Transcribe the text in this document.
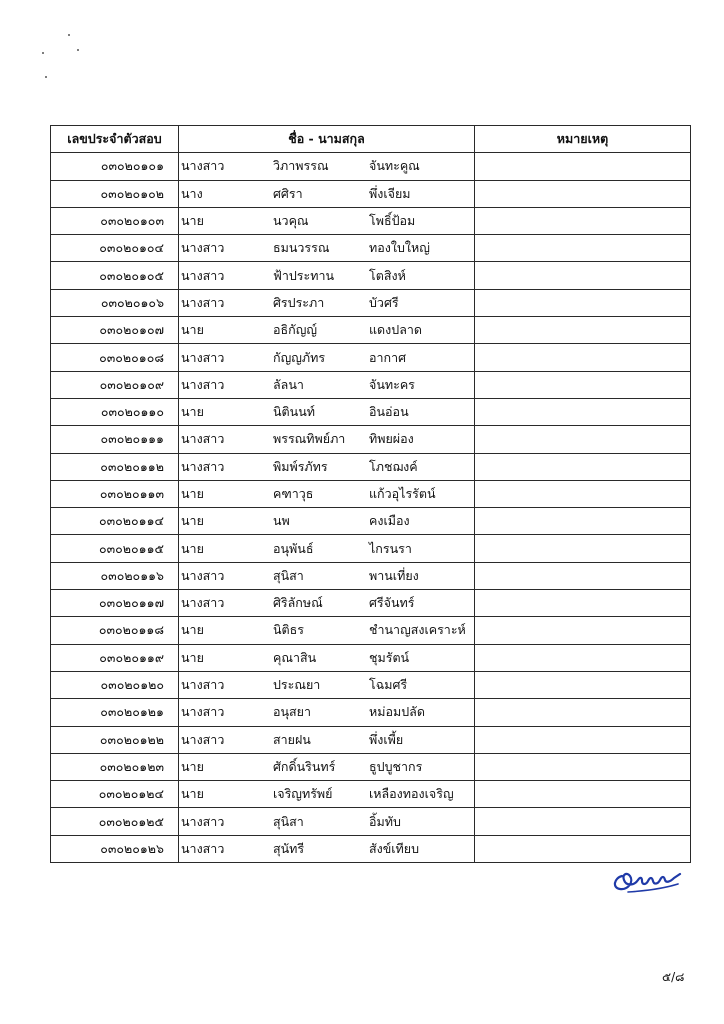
เลขประจำตัวสอบ	ชื่อ - นามสกุล	หมายเหตุ
๐๓๐๒๐๑๐๑	นางสาว วิภาพรรณ จันทะคูณ	

๐๓๐๒๐๑๐๒	นาง ศศิรา พึ่งเจียม	

๐๓๐๒๐๑๐๓	นาย นวคุณ โพธิ์ป้อม	

๐๓๐๒๐๑๐๔	นางสาว ธมนวรรณ ทองใบใหญ่	

๐๓๐๒๐๑๐๕	นางสาว ฟ้าประทาน โตสิงห์	

๐๓๐๒๐๑๐๖	นางสาว ศิรประภา บัวศรี	

๐๓๐๒๐๑๐๗	นาย อธิกัญญ์ แดงปลาด	

๐๓๐๒๐๑๐๘	นางสาว กัญญภัทร อากาศ	

๐๓๐๒๐๑๐๙	นางสาว ลัลนา จันทะคร	

๐๓๐๒๐๑๑๐	นาย นิตินนท์ อินอ่อน	

๐๓๐๒๐๑๑๑	นางสาว พรรณทิพย์ภา ทิพยผ่อง	

๐๓๐๒๐๑๑๒	นางสาว พิมพ์รภัทร โภชฌงค์	

๐๓๐๒๐๑๑๓	นาย คฑาวุธ แก้วอุไรรัตน์	

๐๓๐๒๐๑๑๔	นาย นพ คงเมือง	

๐๓๐๒๐๑๑๕	นาย อนุพันธ์ ไกรนรา	

๐๓๐๒๐๑๑๖	นางสาว สุนิสา พานเที่ยง	

๐๓๐๒๐๑๑๗	นางสาว ศิริลักษณ์ ศรีจันทร์	

๐๓๐๒๐๑๑๘	นาย นิติธร ชำนาญสงเคราะห์	

๐๓๐๒๐๑๑๙	นาย คุณาสิน ชุมรัตน์	

๐๓๐๒๐๑๒๐	นางสาว ประณยา โฉมศรี	

๐๓๐๒๐๑๒๑	นางสาว อนุสยา หม่อมปลัด	

๐๓๐๒๐๑๒๒	นางสาว สายฝน พึ่งเพี้ย	

๐๓๐๒๐๑๒๓	นาย ศักดิ์นรินทร์ ธูปบูชากร	

๐๓๐๒๐๑๒๔	นาย เจริญทรัพย์ เหลืองทองเจริญ	

๐๓๐๒๐๑๒๕	นางสาว สุนิสา อิ้มทับ	

๐๓๐๒๐๑๒๖	นางสาว สุนัทรี สังข์เทียบ	

๕/๘
